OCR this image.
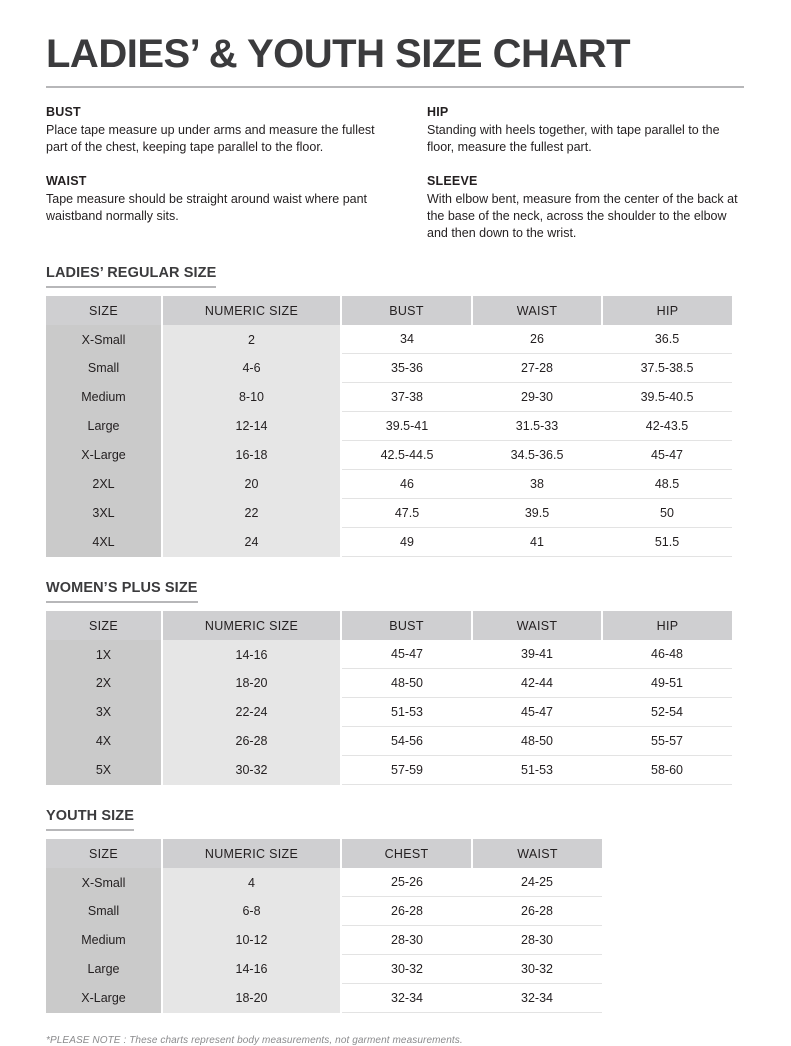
LADIES’ & YOUTH SIZE CHART
BUST
Place tape measure up under arms and measure the fullest part of the chest, keeping tape parallel to the floor.
WAIST
Tape measure should be straight around waist where pant waistband normally sits.
HIP
Standing with heels together, with tape parallel to the floor, measure the fullest part.
SLEEVE
With elbow bent, measure from the center of the back at the base of the neck, across the shoulder to the elbow and then down to the wrist.
LADIES’ REGULAR SIZE
SIZE	NUMERIC SIZE	BUST	WAIST	HIP
X-Small	2	34	26	36.5
Small	4-6	35-36	27-28	37.5-38.5
Medium	8-10	37-38	29-30	39.5-40.5
Large	12-14	39.5-41	31.5-33	42-43.5
X-Large	16-18	42.5-44.5	34.5-36.5	45-47
2XL	20	46	38	48.5
3XL	22	47.5	39.5	50
4XL	24	49	41	51.5
WOMEN’S PLUS SIZE
SIZE	NUMERIC SIZE	BUST	WAIST	HIP
1X	14-16	45-47	39-41	46-48
2X	18-20	48-50	42-44	49-51
3X	22-24	51-53	45-47	52-54
4X	26-28	54-56	48-50	55-57
5X	30-32	57-59	51-53	58-60
YOUTH SIZE
SIZE	NUMERIC SIZE	CHEST	WAIST
X-Small	4	25-26	24-25
Small	6-8	26-28	26-28
Medium	10-12	28-30	28-30
Large	14-16	30-32	30-32
X-Large	18-20	32-34	32-34
*PLEASE NOTE : These charts represent body measurements, not garment measurements.
